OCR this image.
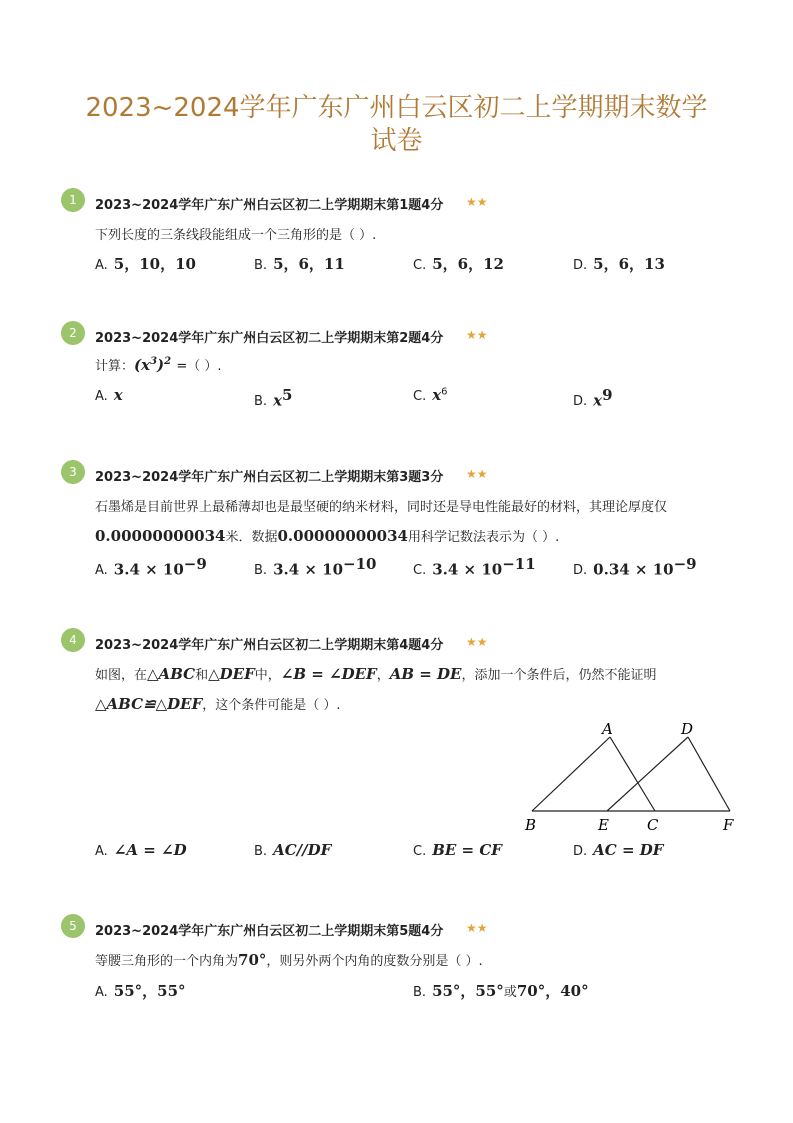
2023~2024学年广东广州白云区初二上学期期末数学
试卷
1	2023~2024学年广东广州白云区初二上学期期末第1题4分 ★★
下列长度的三条线段能组成一个三角形的是（ ）.
A. 5，10，10	B. 5，6，11	C. 5，6，12	D. 5，6，13
2	2023~2024学年广东广州白云区初二上学期期末第2题4分 ★★
计算：$(x^3)^2$ =（ ）.
A. x	B. $x^5$	C. $x^6$
D. $x^9$
3	2023~2024学年广东广州白云区初二上学期期末第3题3分 ★★
石墨烯是目前世界上最稀薄却也是最坚硬的纳米材料，同时还是导电性能最好的材料，其理论厚度仅
0.00000000034米．数据0.00000000034用科学记数法表示为（ ）.
A. $3.4 \times 10^{-9}$	B. $3.4 \times 10^{-10}$	C. $3.4 \times 10^{-11}$	D. $0.34 \times 10^{-9}$
4	2023~2024学年广东广州白云区初二上学期期末第4题4分 ★★
如图，在△ABC和△DEF中，∠B = ∠DEF，AB = DE，添加一个条件后，仍然不能证明
△ABC≌△DEF，这个条件可能是（ ）.
A	D
B	E	C	F
A. ∠A = ∠D	B. AC//DF	C. BE = CF	D. AC = DF
5	2023~2024学年广东广州白云区初二上学期期末第5题4分 ★★
等腰三角形的一个内角为70°，则另外两个内角的度数分别是（ ）.
A. 55°，55°	B. 55°，55°或70°，40°
